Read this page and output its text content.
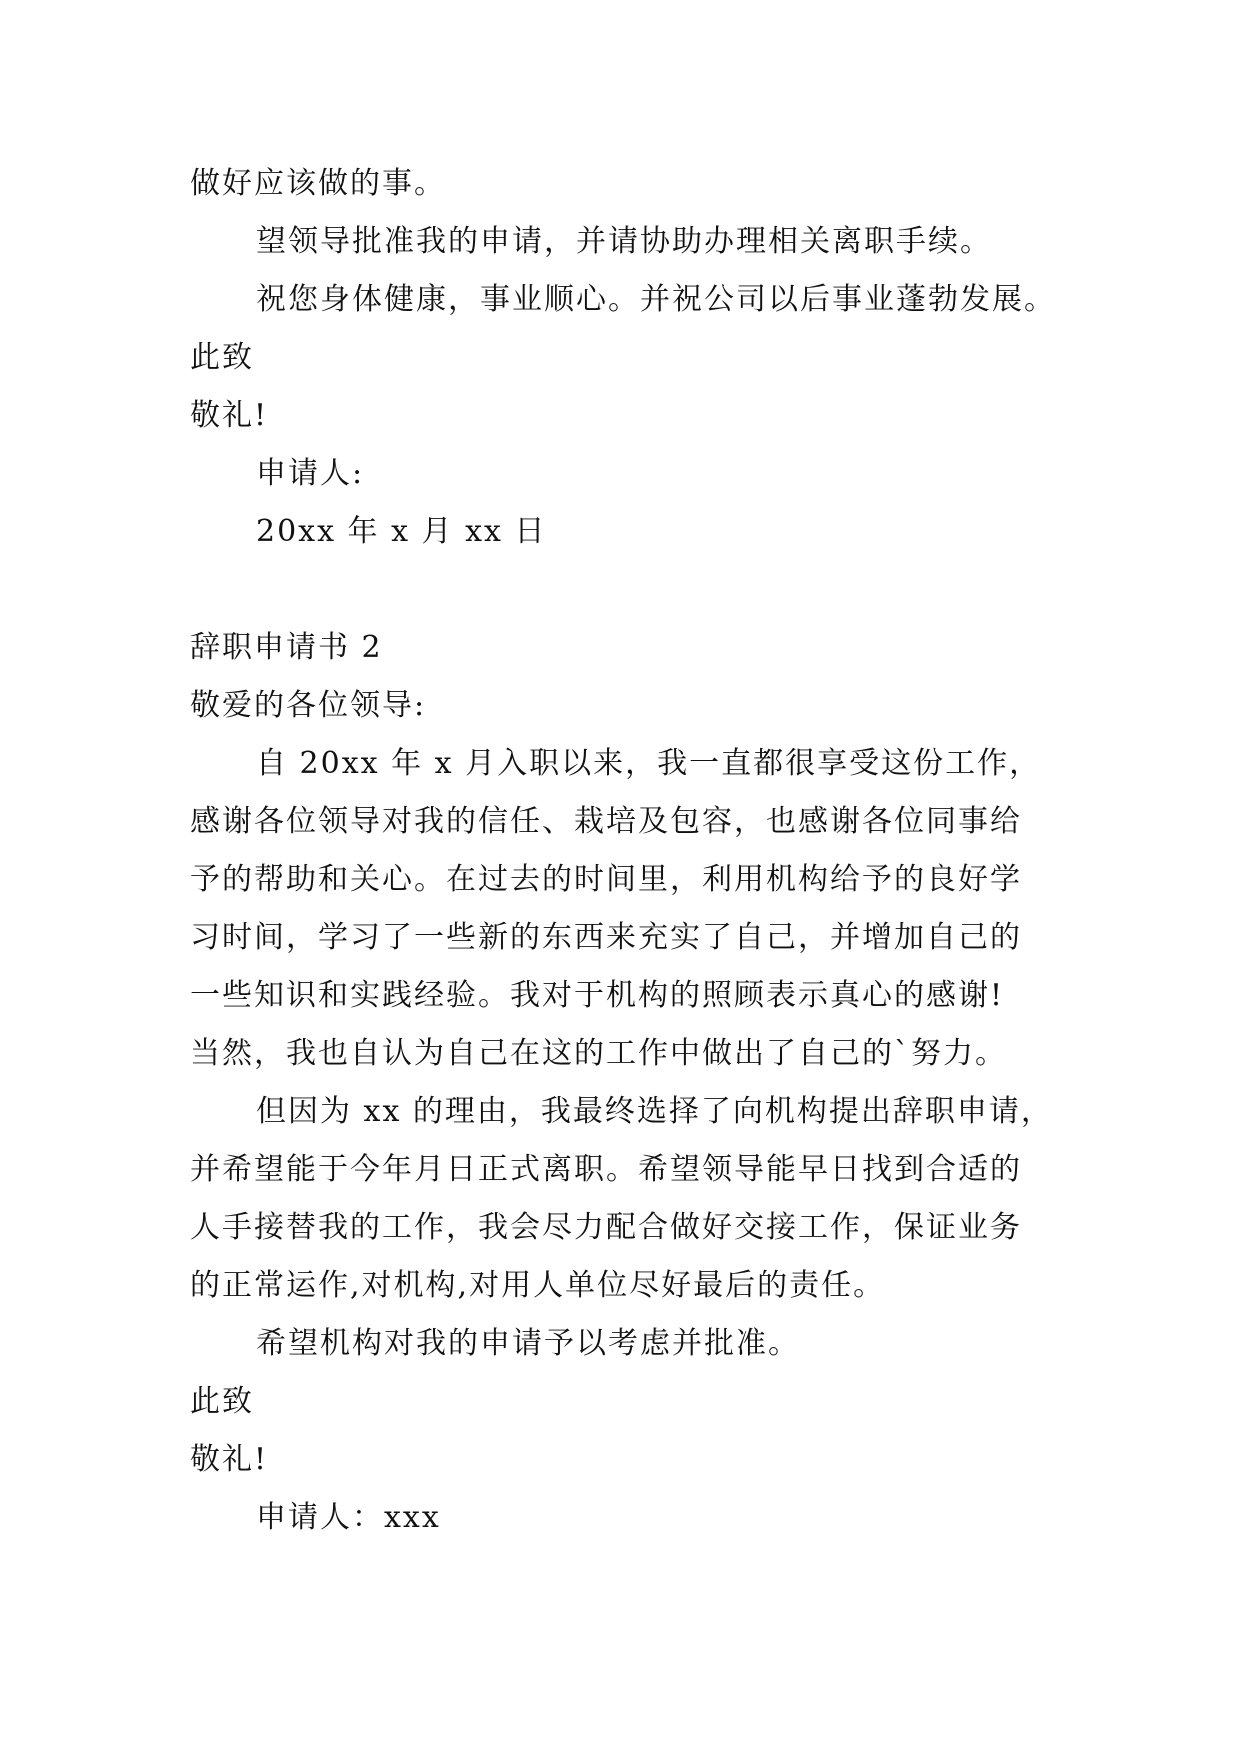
做好应该做的事。
望领导批准我的申请，并请协助办理相关离职手续。
祝您身体健康，事业顺心。并祝公司以后事业蓬勃发展。
此致
敬礼!
申请人:
20xx 年 x 月 xx 日
辞职申请书 2
敬爱的各位领导:
自 20xx 年 x 月入职以来，我一直都很享受这份工作，
感谢各位领导对我的信任、栽培及包容，也感谢各位同事给
予的帮助和关心。在过去的时间里，利用机构给予的良好学
习时间，学习了一些新的东西来充实了自己，并增加自己的
一些知识和实践经验。我对于机构的照顾表示真心的感谢!
当然，我也自认为自己在这的工作中做出了自己的`努力。
但因为 xx 的理由，我最终选择了向机构提出辞职申请，
并希望能于今年月日正式离职。希望领导能早日找到合适的
人手接替我的工作，我会尽力配合做好交接工作，保证业务
的正常运作,对机构,对用人单位尽好最后的责任。
希望机构对我的申请予以考虑并批准。
此致
敬礼!
申请人：xxx
